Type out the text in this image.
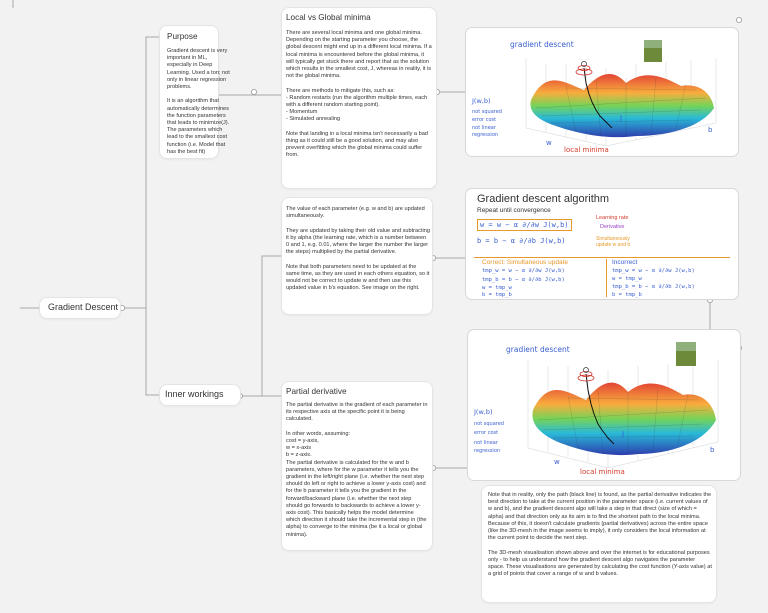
Gradient Descent
Purpose
Gradient descent is very important in ML, especially in Deep Learning. Used a ton; not only in linear regression problems.

It is an algorithm that automatically determines the function parameters that leads to minimize(J). The parameters which lead to the smallest cost function (i.e. Model that has the best fit)
Local vs Global minima
There are several local minima and one global minima. Depending on the starting parameter you choose, the global descent might end up in a different local minima. If a local minima is encountered before the global minima, it will typically get stuck there and report that as the solution which results in the smallest cost, J, whereas in reality, it is not the global minima.

There are methods to mitigate this, such as:
- Random restarts (run the algorithm multiple times, each with a different random starting point).
- Momentum
- Simulated annealing

Note that landing in a local minima isn't necessarily a bad thing as it could still be a good solution, and may also prevent overfitting which the global minima could suffer from.
The value of each parameter (e.g. w and b) are updated simultaneously.

They are updated by taking their old value and subtracting it by alpha (the learning rate, which is a number between 0 and 1, e.g. 0.01, where the larger the number the larger the steps) multiplied by the partial derivative.

Note that both parameters need to be updated at the same time, as they are used in each others equation, so it would not be correct to update w and then use this updated value in b's equation. See image on the right.
Inner workings	Partial derivative
The partial derivative is the gradient of each parameter in its respective axis at the specific point it is being calculated.

In other words, assuming:
cost = y-axis,
w = x-axis
b = z-axis.
The partial derivative is calculated for the w and b parameters, where for the w parameter it tells you the gradient in the left/right plane (i.e. whether the next step should do left or right to achieve a lower y-axis cost) and for the b parameter it tells you the gradient in the forward/backward plane (i.e. whether the next step should go forwards to backwards to achieve a lower y-axis cost). This basically helps the model determine which direction it should take the incremental step in (the alpha) to converge to the minima (be it a local or global minima).
Note that in reality, only the path (black line) is found, as the partial derivative indicates the best direction to take at the current position in the parameter space (i.e. current values of w and b), and the gradient descent algo will take a step in that direct (size of which = alpha) and that direction only as its aim is to find the shortest path to the local minima.
Because of this, it doesn't calculate gradients (partial derivatives) across the entire space (like the 3D-mesh in the image seems to imply), it only considers the local information at the current point to decide the next step.

The 3D-mesh visualisation shown above and over the internet is for educational purposes only - to help us understand how the gradient descent algo navigates the parameter space. These visualisations are generated by calculating the cost function (Y-axis value) at a grid of points that cover a range of w and b values.
gradient descent
J(w,b)
not squared
error cost
not linear
regression
w
b
J
local minima
Gradient descent algorithm
Repeat until convergence
w = w − α ∂/∂w J(w,b)
b = b − α ∂/∂b J(w,b)
Learning rate
Derivative
Simultaneously update w and b
Correct: Simultaneous update	Incorrect
tmp_w = w − α ∂/∂w J(w,b)
tmp_b = b − α ∂/∂b J(w,b)
w = tmp_w
b = tmp_b
tmp_w = w − α ∂/∂w J(w,b)
w = tmp_w
tmp_b = b − α ∂/∂b J(w,b)
b = tmp_b
gradient descent
J(w,b)
not squared
error cost
not linear
regression
w
b
J
local minima
